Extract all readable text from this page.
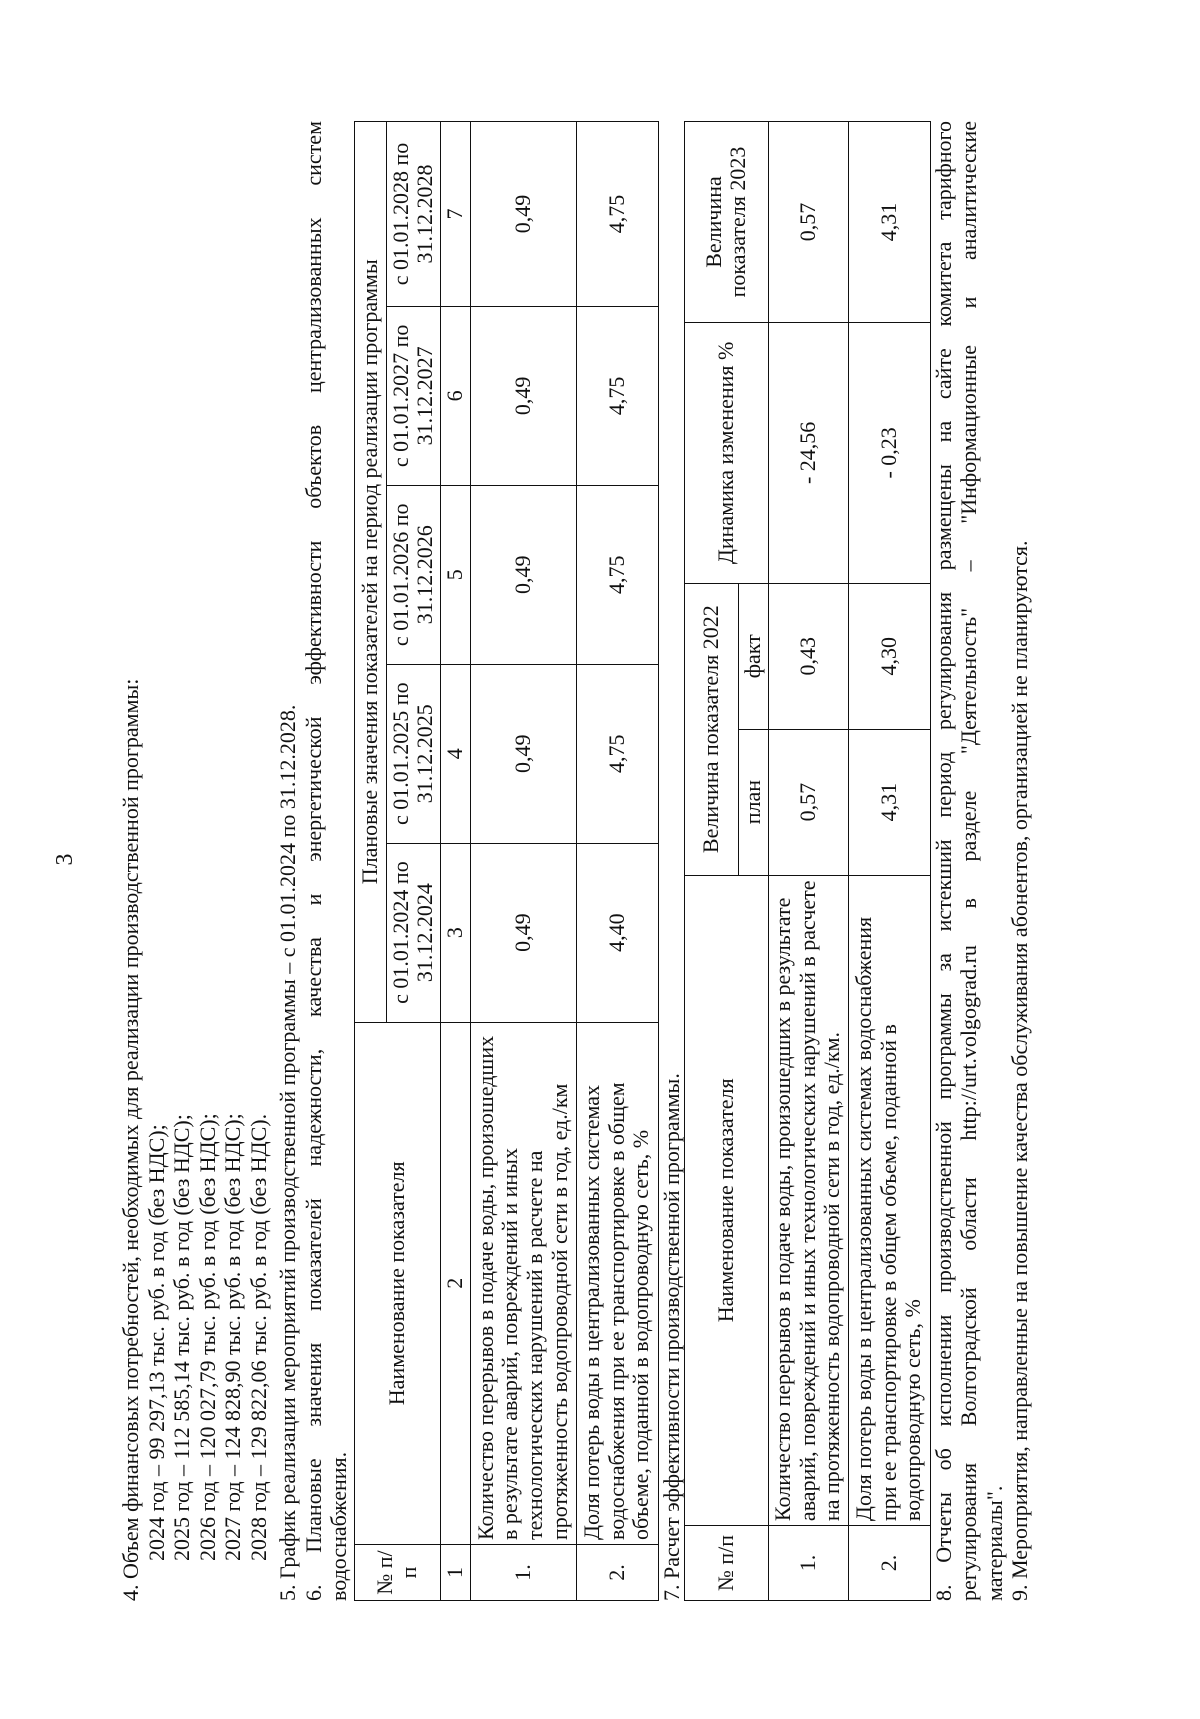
3 4. Объем финансовых потребностей, необходимых для реализации производственной программы: 2024 год – 99 297,13 тыс. руб. в год (без НДС); 2025 год – 112 585,14 тыс. руб. в год (без НДС); 2026 год – 120 027,79 тыс. руб. в год (без НДС); 2027 год – 124 828,90 тыс. руб. в год (без НДС); 2028 год – 129 822,06 тыс. руб. в год (без НДС). 5. График реализации мероприятий производственной программы – с 01.01.2024 по 31.12.2028. 6. Плановые значения показателей надежности, качества и энергетической эффективности объектов централизованных систем водоснабжения. № п/п	Наименование показателя	Плановые значения показателей на период реализации программы				
		с 01.01.2024 по 31.12.2024	с 01.01.2025 по 31.12.2025	с 01.01.2026 по 31.12.2026	с 01.01.2027 по 31.12.2027	с 01.01.2028 по 31.12.2028
1	2	3	4	5	6	7
1.	Количество перерывов в подаче воды, произошедших в результате аварий, повреждений и иных технологических нарушений в расчете на протяженность водопроводной сети в год, ед./км	0,49	0,49	0,49	0,49	0,49
2.	Доля потерь воды в централизованных системах водоснабжения при ее транспортировке в общем объеме, поданной в водопроводную сеть, %	4,40	4,75	4,75	4,75	4,75

7. Расчет эффективности производственной программы. № п/п	Наименование показателя	Величина показателя 2022		Динамика изменения %	Величина показателя 2023
		план	факт		
1.	Количество перерывов в подаче воды, произошедших в результате аварий, повреждений и иных технологических нарушений в расчете на протяженность водопроводной сети в год, ед./км.	0,57	0,43	- 24,56	0,57
2.	Доля потерь воды в централизованных системах водоснабжения при ее транспортировке в общем объеме, поданной в водопроводную сеть, %	4,31	4,30	- 0,23	4,31 8. Отчеты об исполнении производственной программы за истекший период регулирования размещены на сайте комитета тарифного регулирования Волгоградской области http://urt.volgograd.ru в разделе "Деятельность" – "Информационные и аналитические материалы". 9. Мероприятия, направленные на повышение качества обслуживания абонентов, организацией не планируются.
